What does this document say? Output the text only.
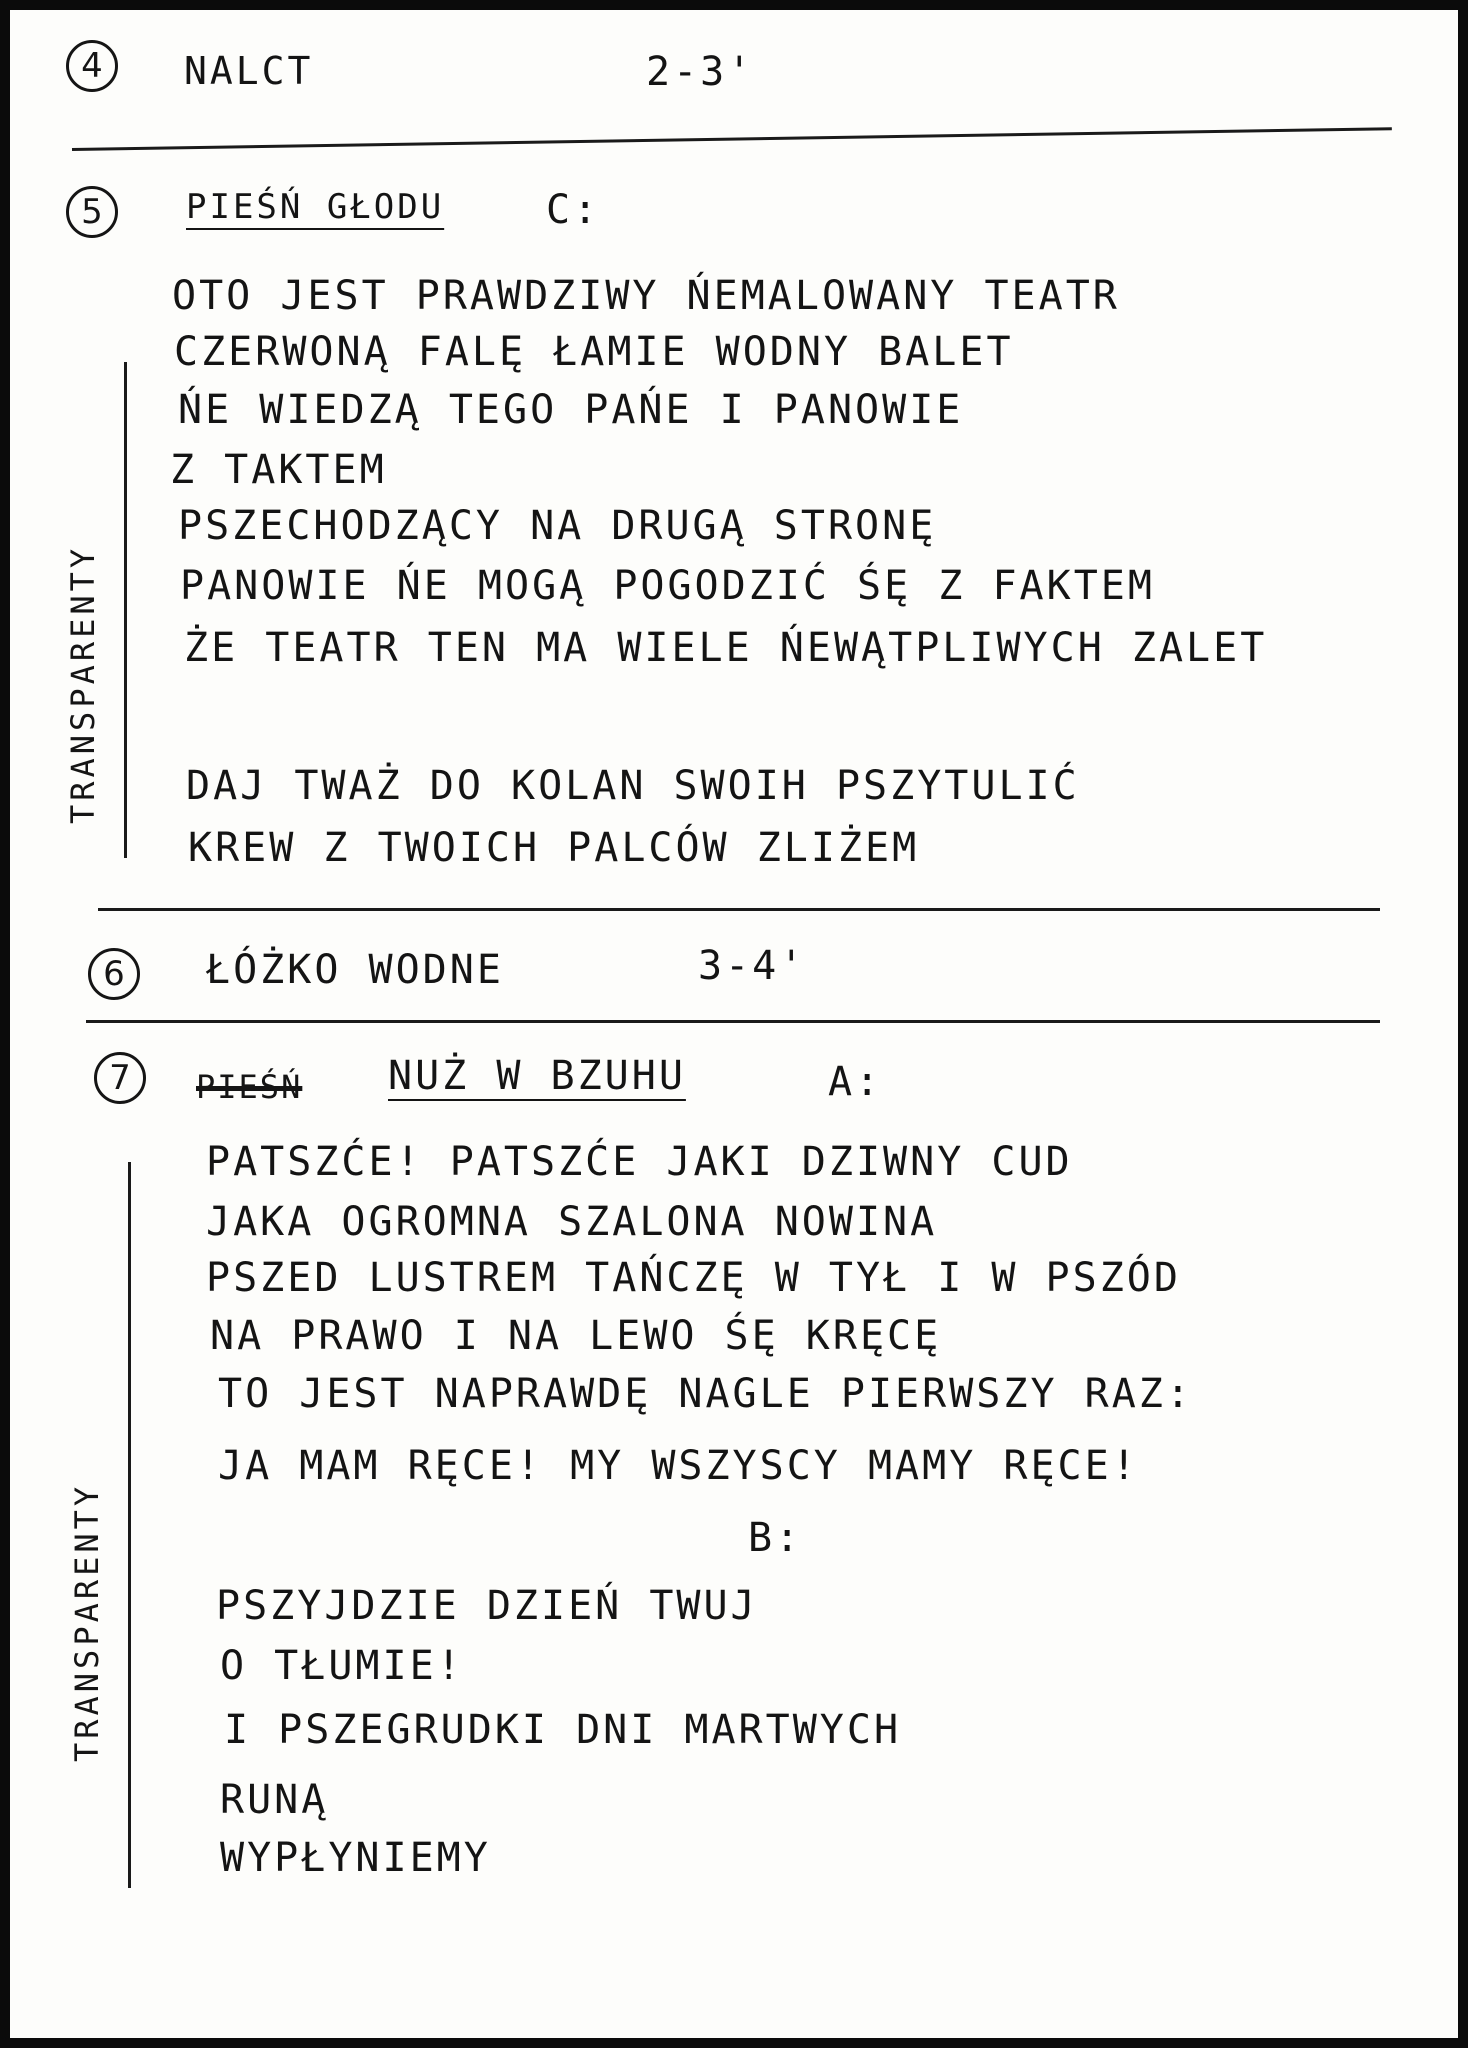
4 NALCT	2-3'
5 PIEŚŃ GŁODU	C:
TRANSPARENTY
OTO JEST PRAWDZIWY ŃEMALOWANY TEATR
CZERWONĄ FALĘ ŁAMIE WODNY BALET
ŃE WIEDZĄ TEGO PAŃE I PANOWIE
Z TAKTEM
PSZECHODZĄCY NA DRUGĄ STRONĘ
PANOWIE ŃE MOGĄ POGODZIĆ ŚĘ Z FAKTEM
ŻE TEATR TEN MA WIELE ŃEWĄTPLIWYCH ZALET
DAJ TWAŻ DO KOLAN SWOIH PSZYTULIĆ
KREW Z TWOICH PALCÓW ZLIŻEM
6 ŁÓŻKO WODNE	3-4'
7 PIEŚŃ NUŻ W BZUHU	A:
TRANSPARENTY
PATSZĆE! PATSZĆE JAKI DZIWNY CUD
JAKA OGROMNA SZALONA NOWINA
PSZED LUSTREM TAŃCZĘ W TYŁ I W PSZÓD
NA PRAWO I NA LEWO ŚĘ KRĘCĘ
TO JEST NAPRAWDĘ NAGLE PIERWSZY RAZ:
JA MAM RĘCE! MY WSZYSCY MAMY RĘCE!
B:
PSZYJDZIE DZIEŃ TWUJ
O TŁUMIE!
I PSZEGRUDKI DNI MARTWYCH
RUNĄ
WYPŁYNIEMY
